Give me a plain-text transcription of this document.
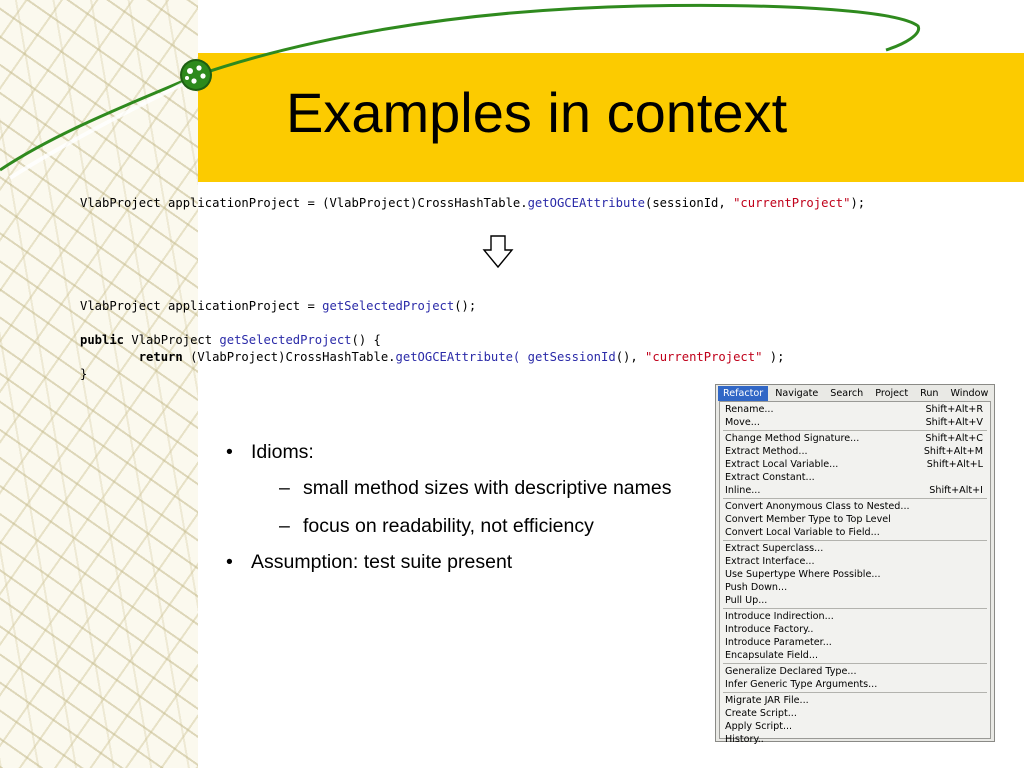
Examples in context
VlabProject applicationProject = (VlabProject)CrossHashTable.getOGCEAttribute(sessionId, "currentProject");
VlabProject applicationProject = getSelectedProject();
public VlabProject getSelectedProject() {
return (VlabProject)CrossHashTable.getOGCEAttribute( getSessionId(), "currentProject" );
}
• Idioms:
– small method sizes with descriptive names
– focus on readability, not efficiency
• Assumption: test suite present
Refactor	Navigate	Search	Project	Run	Window
Rename...	Shift+Alt+R
Move...	Shift+Alt+V
Change Method Signature...	Shift+Alt+C
Extract Method...	Shift+Alt+M
Extract Local Variable...	Shift+Alt+L
Extract Constant...
Inline...	Shift+Alt+I
Convert Anonymous Class to Nested...
Convert Member Type to Top Level
Convert Local Variable to Field...
Extract Superclass...
Extract Interface...
Use Supertype Where Possible...
Push Down...
Pull Up...
Introduce Indirection...
Introduce Factory..
Introduce Parameter...
Encapsulate Field...
Generalize Declared Type...
Infer Generic Type Arguments...
Migrate JAR File...
Create Script...
Apply Script...
History..
